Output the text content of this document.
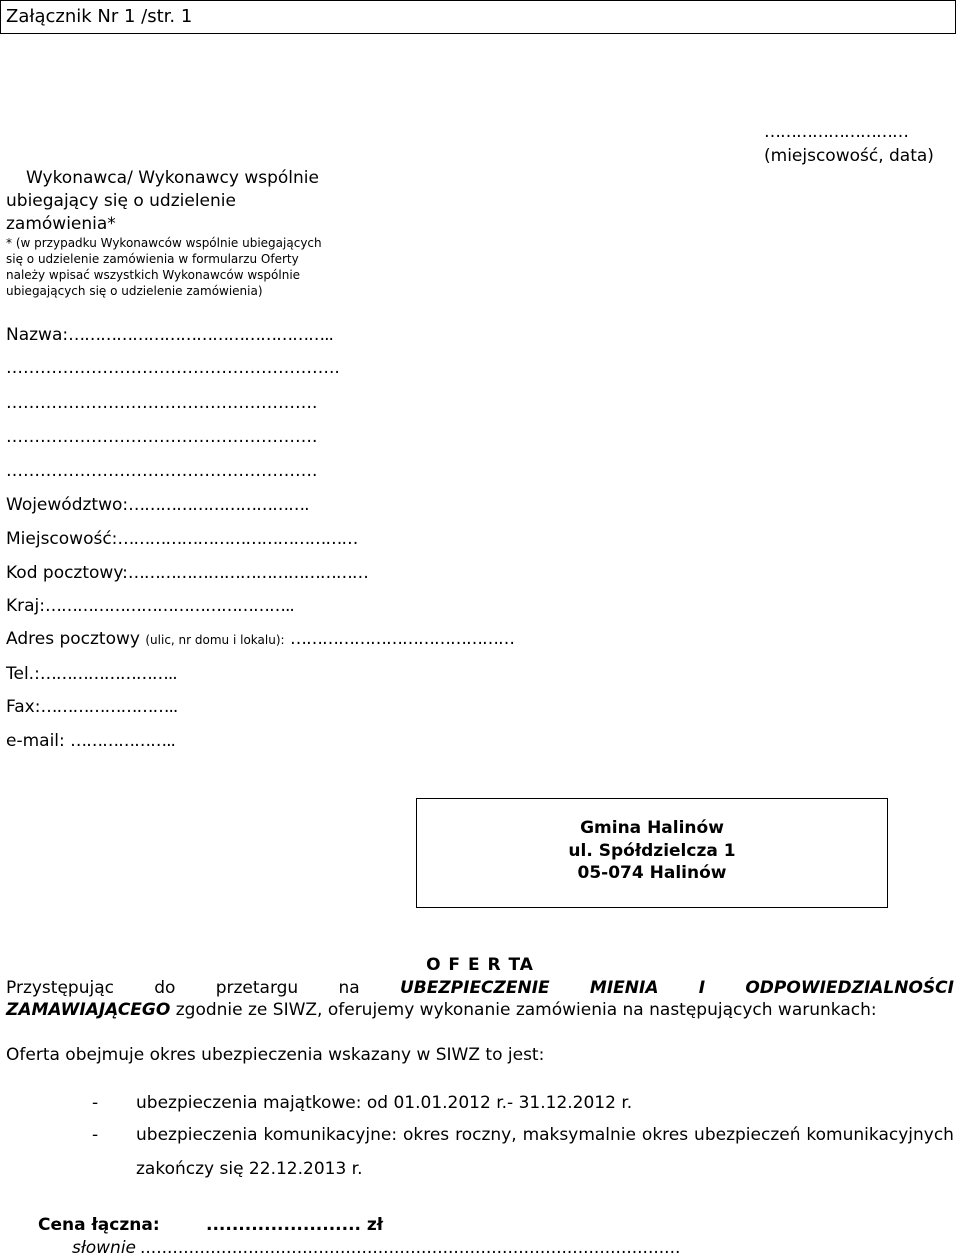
Załącznik Nr 1 /str. 1
………………………
(miejscowość, data)
Wykonawca/ Wykonawcy wspólnie
ubiegający się o udzielenie
zamówienia*
* (w przypadku Wykonawców wspólnie ubiegających
się o udzielenie zamówienia w formularzu Oferty
należy wpisać wszystkich Wykonawców wspólnie
ubiegających się o udzielenie zamówienia)
Nazwa:…………………………………………..
…………………………………………………..
……………………………………………….
……………………………………………….
……………………………………………….
Województwo:…………………………….
Miejscowość:………………………………………
Kod pocztowy:………………………………………
Kraj:………………………………………..
Adres pocztowy (ulic, nr domu i lokalu): ……………………………………
Tel.:……………………..
Fax:……………………..
e-mail: ………………..
Gmina Halinów
ul. Spółdzielcza 1
05-074 Halinów
O F E R TA
Przystępując do przetargu na UBEZPIECZENIE MIENIA I ODPOWIEDZIALNOŚCI
ZAMAWIAJĄCEGO zgodnie ze SIWZ, oferujemy wykonanie zamówienia na następujących warunkach:
Oferta obejmuje okres ubezpieczenia wskazany w SIWZ to jest:
- ubezpieczenia majątkowe: od 01.01.2012 r.- 31.12.2012 r.
- ubezpieczenia komunikacyjne: okres roczny, maksymalnie okres ubezpieczeń komunikacyjnych
zakończy się 22.12.2013 r.
Cena łączna:	........................ zł
słownie ....................................................................................................
